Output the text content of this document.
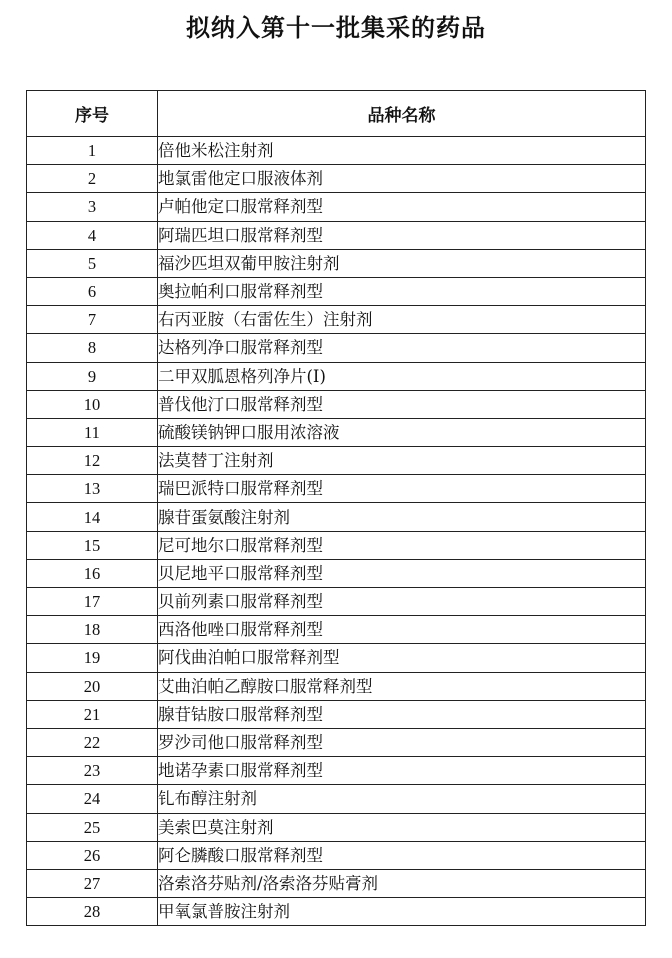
拟纳入第十一批集采的药品
序号	品种名称
1	倍他米松注射剂
2	地氯雷他定口服液体剂
3	卢帕他定口服常释剂型
4	阿瑞匹坦口服常释剂型
5	福沙匹坦双葡甲胺注射剂
6	奥拉帕利口服常释剂型
7	右丙亚胺（右雷佐生）注射剂
8	达格列净口服常释剂型
9	二甲双胍恩格列净片(I)
10	普伐他汀口服常释剂型
11	硫酸镁钠钾口服用浓溶液
12	法莫替丁注射剂
13	瑞巴派特口服常释剂型
14	腺苷蛋氨酸注射剂
15	尼可地尔口服常释剂型
16	贝尼地平口服常释剂型
17	贝前列素口服常释剂型
18	西洛他唑口服常释剂型
19	阿伐曲泊帕口服常释剂型
20	艾曲泊帕乙醇胺口服常释剂型
21	腺苷钴胺口服常释剂型
22	罗沙司他口服常释剂型
23	地诺孕素口服常释剂型
24	钆布醇注射剂
25	美索巴莫注射剂
26	阿仑膦酸口服常释剂型
27	洛索洛芬贴剂/洛索洛芬贴膏剂
28	甲氧氯普胺注射剂
